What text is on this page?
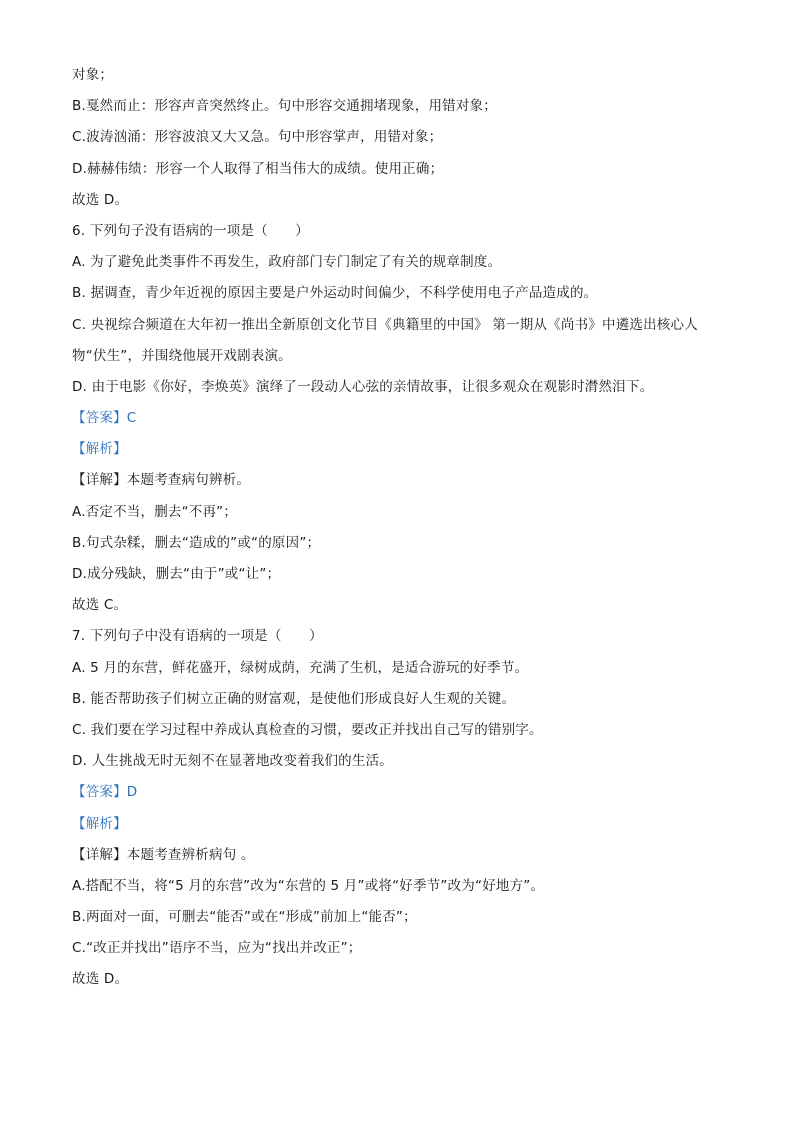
对象；
B.戛然而止：形容声音突然终止。句中形容交通拥堵现象，用错对象；
C.波涛汹涌：形容波浪又大又急。句中形容掌声，用错对象；
D.赫赫伟绩：形容一个人取得了相当伟大的成绩。使用正确；
故选 D。
6. 下列句子没有语病的一项是（　　）
A. 为了避免此类事件不再发生，政府部门专门制定了有关的规章制度。
B. 据调查，青少年近视的原因主要是户外运动时间偏少，不科学使用电子产品造成的。
C. 央视综合频道在大年初一推出全新原创文化节目《典籍里的中国》 第一期从《尚书》中遴选出核心人
物“伏生”，并围绕他展开戏剧表演。
D. 由于电影《你好，李焕英》演绎了一段动人心弦的亲情故事，让很多观众在观影时潸然泪下。
【答案】C
【解析】
【详解】本题考查病句辨析。
A.否定不当，删去“不再”；
B.句式杂糅，删去“造成的”或“的原因”；
D.成分残缺，删去“由于”或“让”；
故选 C。
7. 下列句子中没有语病的一项是（　　）
A. 5 月的东营，鲜花盛开，绿树成荫，充满了生机，是适合游玩的好季节。
B. 能否帮助孩子们树立正确的财富观，是使他们形成良好人生观的关键。
C. 我们要在学习过程中养成认真检查的习惯，要改正并找出自己写的错别字。
D. 人生挑战无时无刻不在显著地改变着我们的生活。
【答案】D
【解析】
【详解】本题考查辨析病句 。
A.搭配不当，将“5 月的东营”改为“东营的 5 月”或将“好季节”改为“好地方”。
B.两面对一面，可删去“能否”或在“形成”前加上“能否”；
C.“改正并找出”语序不当，应为“找出并改正”；
故选 D。
